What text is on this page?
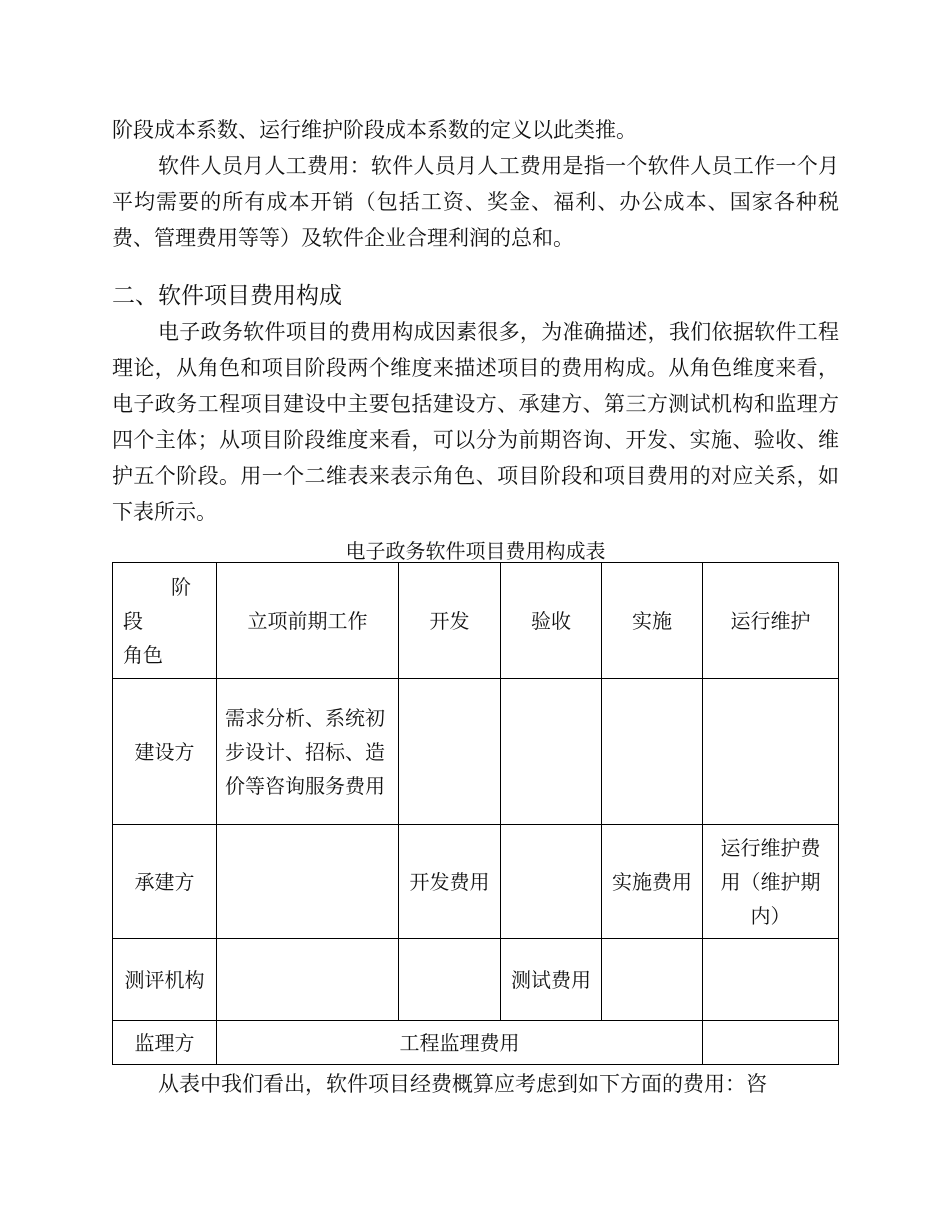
阶段成本系数、运行维护阶段成本系数的定义以此类推。

软件人员月人工费用：软件人员月人工费用是指一个软件人员工作一个月平均需要的所有成本开销（包括工资、奖金、福利、办公成本、国家各种税费、管理费用等等）及软件企业合理利润的总和。

二、软件项目费用构成

电子政务软件项目的费用构成因素很多，为准确描述，我们依据软件工程理论，从角色和项目阶段两个维度来描述项目的费用构成。从角色维度来看，电子政务工程项目建设中主要包括建设方、承建方、第三方测试机构和监理方四个主体；从项目阶段维度来看，可以分为前期咨询、开发、实施、验收、维护五个阶段。用一个二维表来表示角色、项目阶段和项目费用的对应关系，如下表所示。

电子政务软件项目费用构成表

阶
段
角色	立项前期工作	开发	验收	实施	运行维护
建设方	需求分析、系统初步设计、招标、造价等咨询服务费用				
承建方		开发费用		实施费用	运行维护费用（维护期内）
测评机构			测试费用		
监理方	工程监理费用				

从表中我们看出，软件项目经费概算应考虑到如下方面的费用：咨
